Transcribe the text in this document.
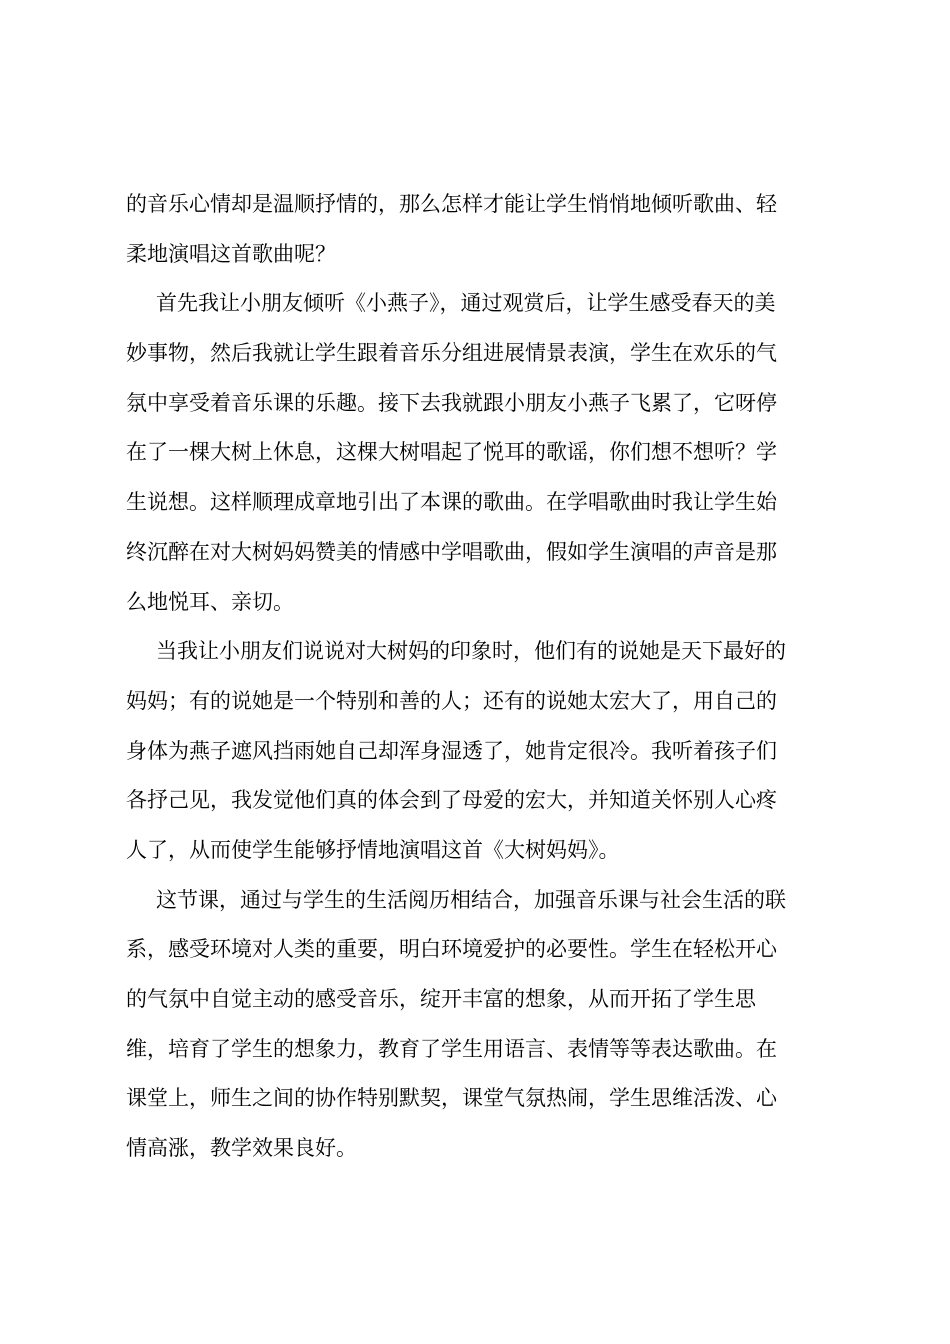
的音乐心情却是温顺抒情的，那么怎样才能让学生悄悄地倾听歌曲、轻
柔地演唱这首歌曲呢？
首先我让小朋友倾听《小燕子》，通过观赏后，让学生感受春天的美
妙事物，然后我就让学生跟着音乐分组进展情景表演，学生在欢乐的气
氛中享受着音乐课的乐趣。接下去我就跟小朋友小燕子飞累了，它呀停
在了一棵大树上休息，这棵大树唱起了悦耳的歌谣，你们想不想听？学
生说想。这样顺理成章地引出了本课的歌曲。在学唱歌曲时我让学生始
终沉醉在对大树妈妈赞美的情感中学唱歌曲，假如学生演唱的声音是那
么地悦耳、亲切。
当我让小朋友们说说对大树妈的印象时，他们有的说她是天下最好的
妈妈；有的说她是一个特别和善的人；还有的说她太宏大了，用自己的
身体为燕子遮风挡雨她自己却浑身湿透了，她肯定很冷。我听着孩子们
各抒己见，我发觉他们真的体会到了母爱的宏大，并知道关怀别人心疼
人了，从而使学生能够抒情地演唱这首《大树妈妈》。
这节课，通过与学生的生活阅历相结合，加强音乐课与社会生活的联
系，感受环境对人类的重要，明白环境爱护的必要性。学生在轻松开心
的气氛中自觉主动的感受音乐，绽开丰富的想象，从而开拓了学生思
维，培育了学生的想象力，教育了学生用语言、表情等等表达歌曲。在
课堂上，师生之间的协作特别默契，课堂气氛热闹，学生思维活泼、心
情高涨，教学效果良好。
